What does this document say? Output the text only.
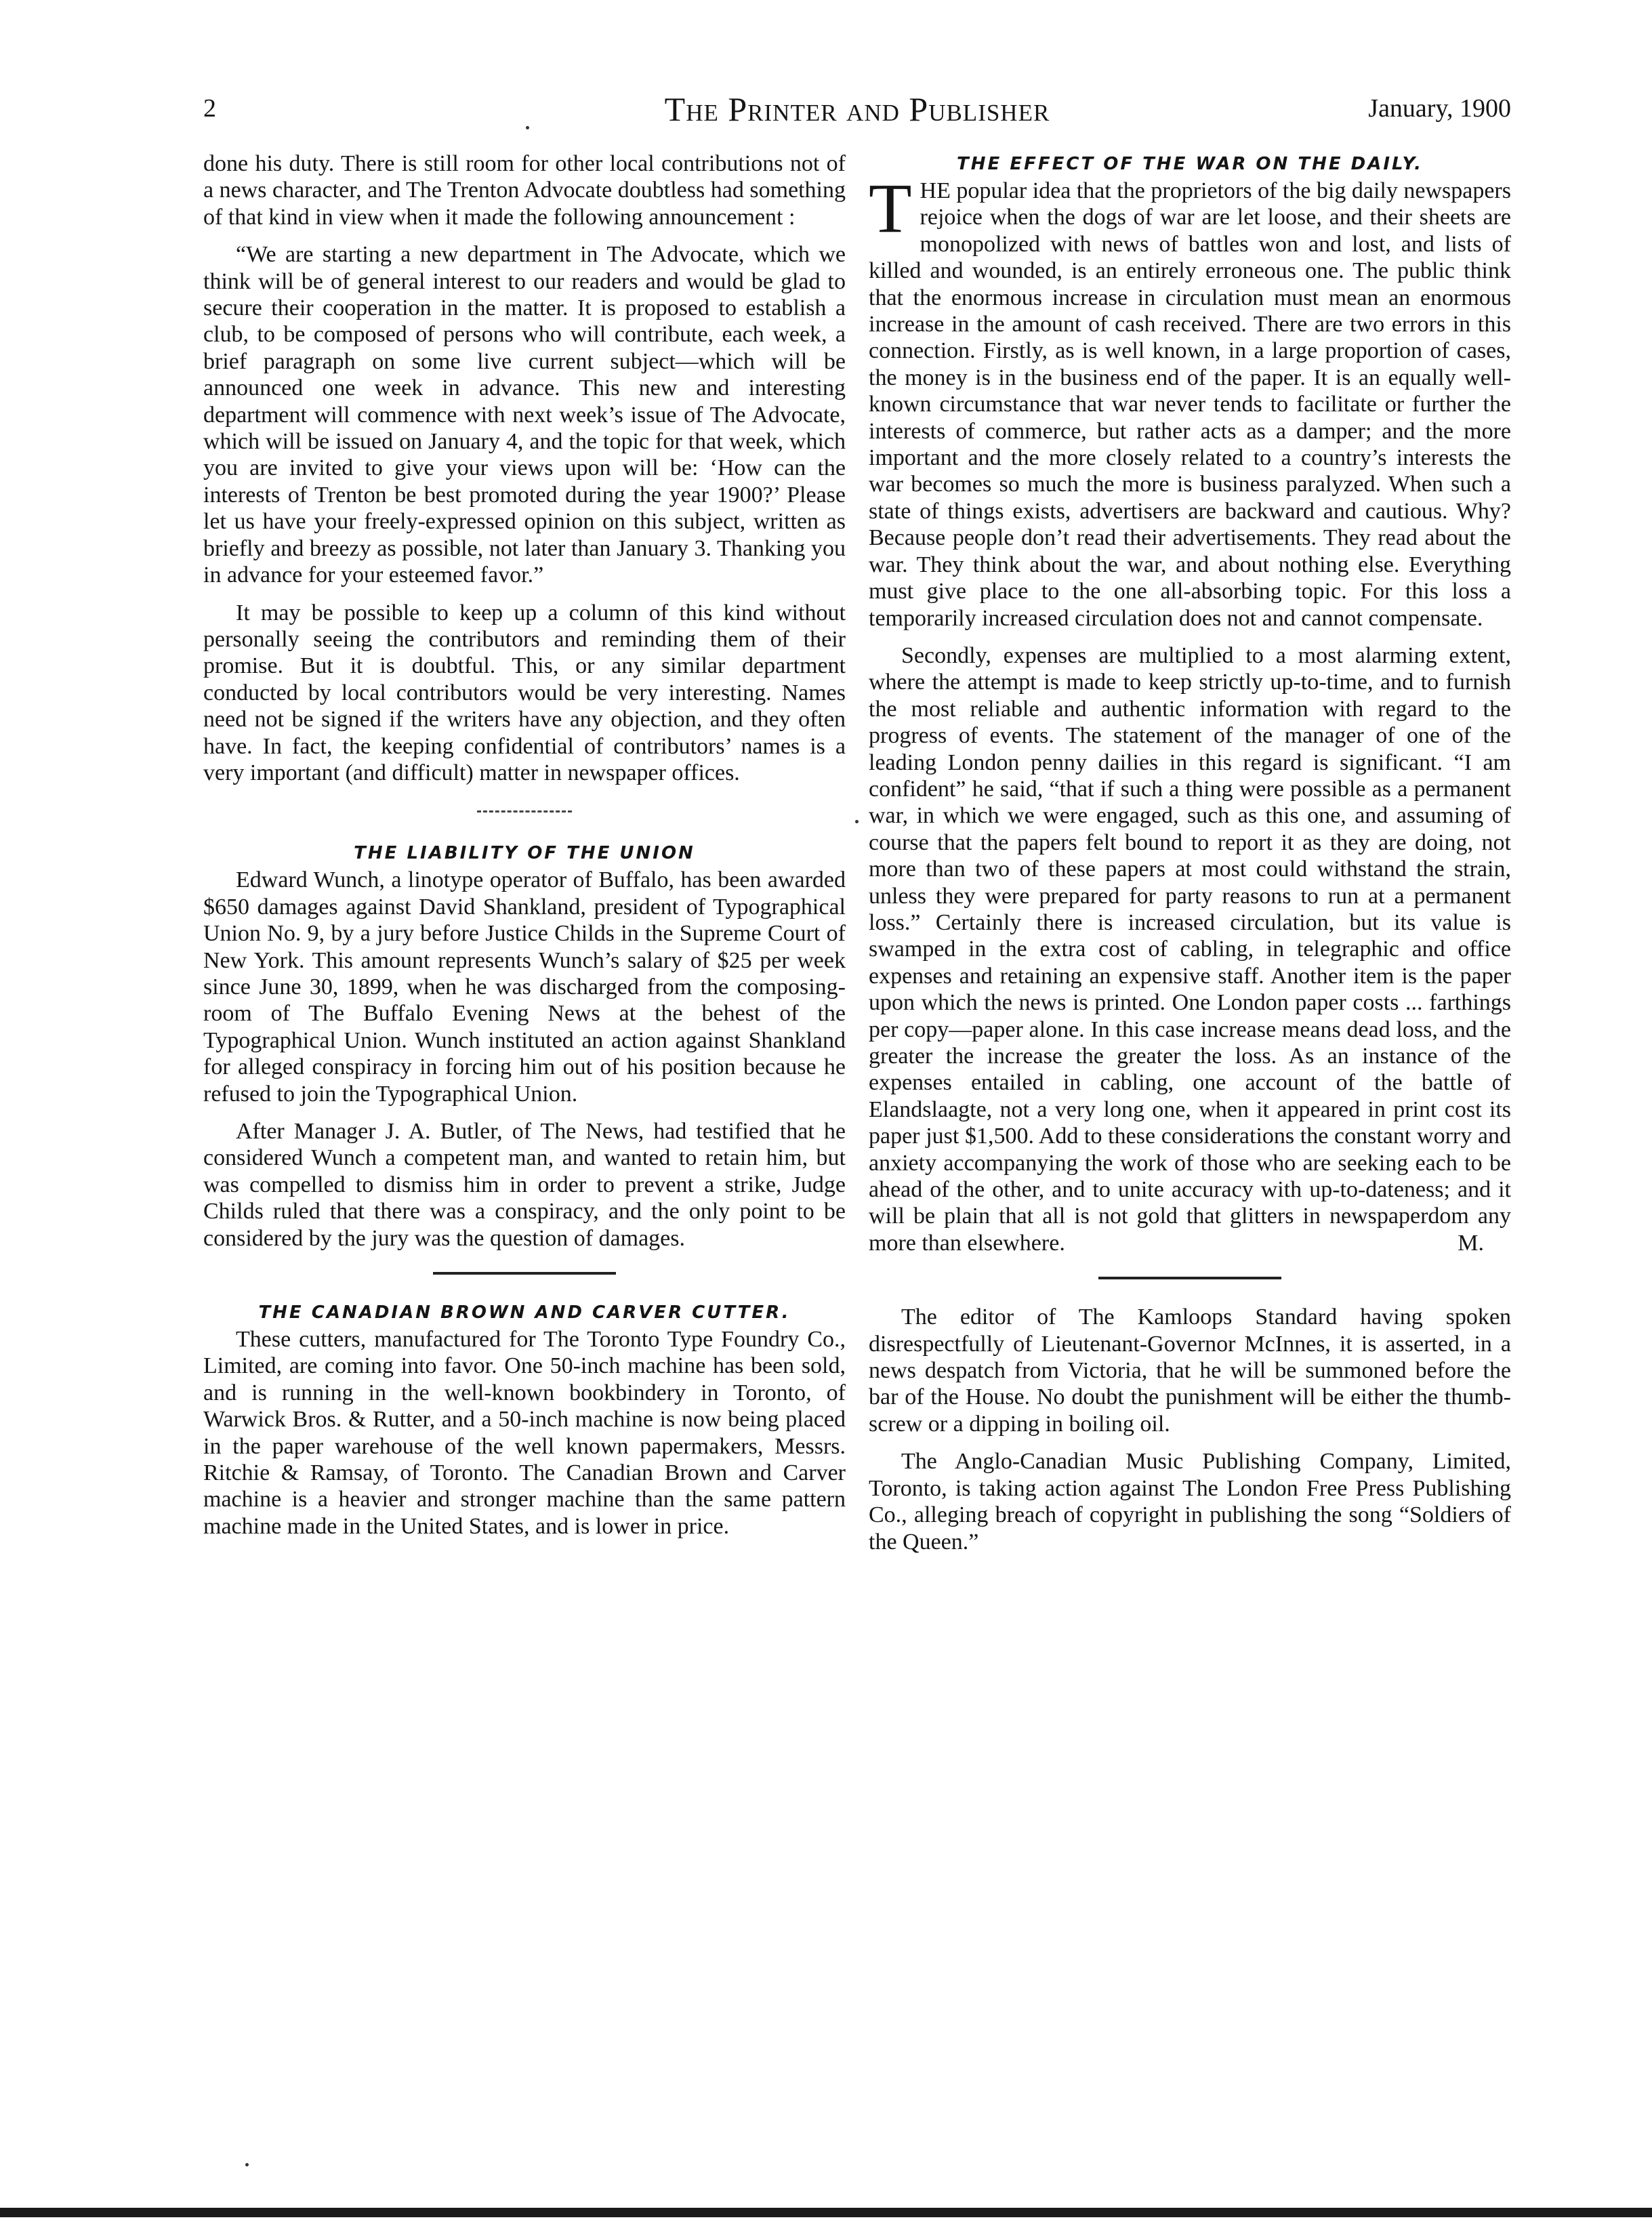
2	The Printer and Publisher	January, 1900

done his duty. There is still room for other local contributions not of a news character, and The Trenton Advocate doubtless had something of that kind in view when it made the following announcement :

“We are starting a new department in The Advocate, which we think will be of general interest to our readers and would be glad to secure their cooperation in the matter. It is proposed to establish a club, to be composed of persons who will contribute, each week, a brief paragraph on some live current subject—which will be announced one week in advance. This new and interesting department will commence with next week’s issue of The Advocate, which will be issued on January 4, and the topic for that week, which you are invited to give your views upon will be: ‘How can the interests of Trenton be best promoted during the year 1900?’ Please let us have your freely-expressed opinion on this subject, written as briefly and breezy as possible, not later than January 3. Thanking you in advance for your esteemed favor.”

It may be possible to keep up a column of this kind without personally seeing the contributors and reminding them of their promise. But it is doubtful. This, or any similar department conducted by local contributors would be very interesting. Names need not be signed if the writers have any objection, and they often have. In fact, the keeping confidential of contributors’ names is a very important (and difficult) matter in newspaper offices.

THE LIABILITY OF THE UNION

Edward Wunch, a linotype operator of Buffalo, has been awarded $650 damages against David Shankland, president of Typographical Union No. 9, by a jury before Justice Childs in the Supreme Court of New York. This amount represents Wunch’s salary of $25 per week since June 30, 1899, when he was discharged from the composing-room of The Buffalo Evening News at the behest of the Typographical Union. Wunch instituted an action against Shankland for alleged conspiracy in forcing him out of his position because he refused to join the Typographical Union.

After Manager J. A. Butler, of The News, had testified that he considered Wunch a competent man, and wanted to retain him, but was compelled to dismiss him in order to prevent a strike, Judge Childs ruled that there was a conspiracy, and the only point to be considered by the jury was the question of damages.

THE CANADIAN BROWN AND CARVER CUTTER.

These cutters, manufactured for The Toronto Type Foundry Co., Limited, are coming into favor. One 50-inch machine has been sold, and is running in the well-known bookbindery in Toronto, of Warwick Bros. & Rutter, and a 50-inch machine is now being placed in the paper warehouse of the well known papermakers, Messrs. Ritchie & Ramsay, of Toronto. The Canadian Brown and Carver machine is a heavier and stronger machine than the same pattern machine made in the United States, and is lower in price.

THE EFFECT OF THE WAR ON THE DAILY.

THE popular idea that the proprietors of the big daily newspapers rejoice when the dogs of war are let loose, and their sheets are monopolized with news of battles won and lost, and lists of killed and wounded, is an entirely erroneous one. The public think that the enormous increase in circulation must mean an enormous increase in the amount of cash received. There are two errors in this connection. Firstly, as is well known, in a large proportion of cases, the money is in the business end of the paper. It is an equally well-known circumstance that war never tends to facilitate or further the interests of commerce, but rather acts as a damper; and the more important and the more closely related to a country’s interests the war becomes so much the more is business paralyzed. When such a state of things exists, advertisers are backward and cautious. Why? Because people don’t read their advertisements. They read about the war. They think about the war, and about nothing else. Everything must give place to the one all-absorbing topic. For this loss a temporarily increased circulation does not and cannot compensate.

Secondly, expenses are multiplied to a most alarming extent, where the attempt is made to keep strictly up-to-time, and to furnish the most reliable and authentic information with regard to the progress of events. The statement of the manager of one of the leading London penny dailies in this regard is significant. “I am confident” he said, “that if such a thing were possible as a permanent war, in which we were engaged, such as this one, and assuming of course that the papers felt bound to report it as they are doing, not more than two of these papers at most could withstand the strain, unless they were prepared for party reasons to run at a permanent loss.” Certainly there is increased circulation, but its value is swamped in the extra cost of cabling, in telegraphic and office expenses and retaining an expensive staff. Another item is the paper upon which the news is printed. One London paper costs ... farthings per copy—paper alone. In this case increase means dead loss, and the greater the increase the greater the loss. As an instance of the expenses entailed in cabling, one account of the battle of Elandslaagte, not a very long one, when it appeared in print cost its paper just $1,500. Add to these considerations the constant worry and anxiety accompanying the work of those who are seeking each to be ahead of the other, and to unite accuracy with up-to-dateness; and it will be plain that all is not gold that glitters in newspaperdom any more than elsewhere.	M.

The editor of The Kamloops Standard having spoken disrespectfully of Lieutenant-Governor McInnes, it is asserted, in a news despatch from Victoria, that he will be summoned before the bar of the House. No doubt the punishment will be either the thumb-screw or a dipping in boiling oil.

The Anglo-Canadian Music Publishing Company, Limited, Toronto, is taking action against The London Free Press Publishing Co., alleging breach of copyright in publishing the song “Soldiers of the Queen.”
